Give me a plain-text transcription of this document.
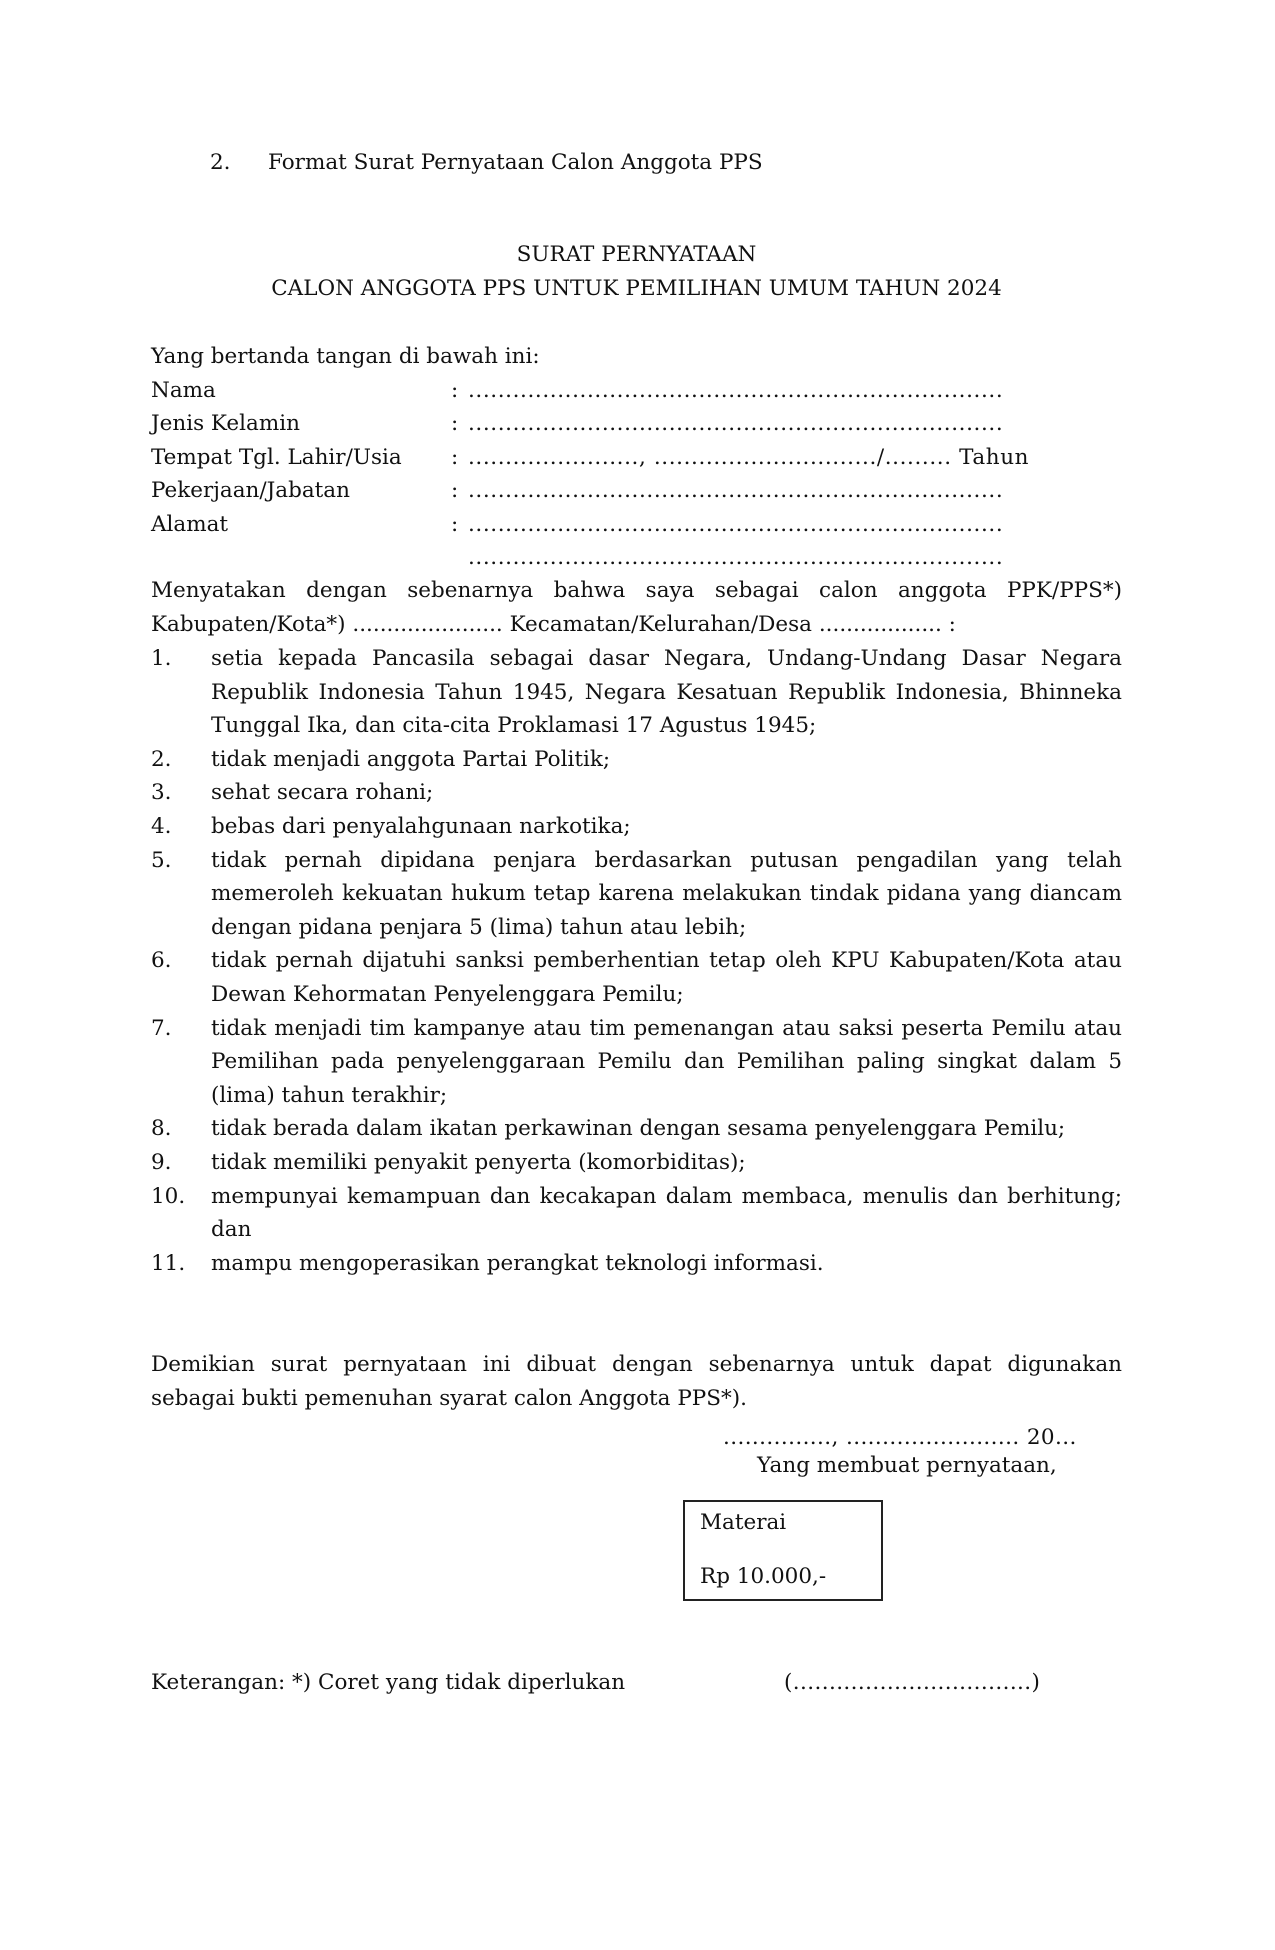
2. Format Surat Pernyataan Calon Anggota PPS
SURAT PERNYATAAN
CALON ANGGOTA PPS UNTUK PEMILIHAN UMUM TAHUN 2024
Yang bertanda tangan di bawah ini:
Nama	: ........................................................................
Jenis Kelamin	: ........................................................................
Tempat Tgl. Lahir/Usia : ......................., ............................../......... Tahun
Pekerjaan/Jabatan	: ........................................................................
Alamat	: ........................................................................
........................................................................
Menyatakan dengan sebenarnya bahwa saya sebagai calon anggota PPK/PPS*) Kabupaten/Kota*) ...................... Kecamatan/Kelurahan/Desa .................. :
1. setia kepada Pancasila sebagai dasar Negara, Undang-Undang Dasar Negara Republik Indonesia Tahun 1945, Negara Kesatuan Republik Indonesia, Bhinneka Tunggal Ika, dan cita-cita Proklamasi 17 Agustus 1945;
2. tidak menjadi anggota Partai Politik;
3. sehat secara rohani;
4. bebas dari penyalahgunaan narkotika;
5. tidak pernah dipidana penjara berdasarkan putusan pengadilan yang telah memeroleh kekuatan hukum tetap karena melakukan tindak pidana yang diancam dengan pidana penjara 5 (lima) tahun atau lebih;
6. tidak pernah dijatuhi sanksi pemberhentian tetap oleh KPU Kabupaten/Kota atau Dewan Kehormatan Penyelenggara Pemilu;
7. tidak menjadi tim kampanye atau tim pemenangan atau saksi peserta Pemilu atau Pemilihan pada penyelenggaraan Pemilu dan Pemilihan paling singkat dalam 5 (lima) tahun terakhir;
8. tidak berada dalam ikatan perkawinan dengan sesama penyelenggara Pemilu;
9. tidak memiliki penyakit penyerta (komorbiditas);
10. mempunyai kemampuan dan kecakapan dalam membaca, menulis dan berhitung; dan
11. mampu mengoperasikan perangkat teknologi informasi.
Demikian surat pernyataan ini dibuat dengan sebenarnya untuk dapat digunakan sebagai bukti pemenuhan syarat calon Anggota PPS*).
..............., ........................ 20...
Yang membuat pernyataan,
Materai
Rp 10.000,-
Keterangan: *) Coret yang tidak diperlukan	(.................................)
